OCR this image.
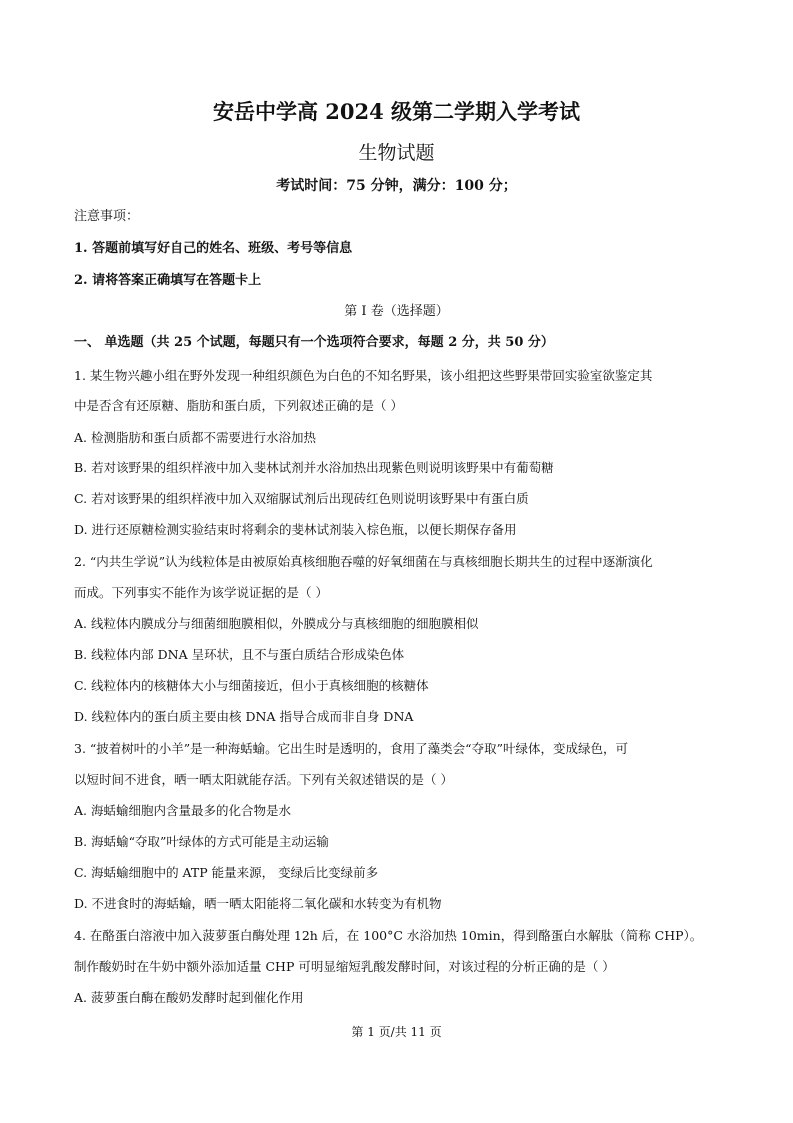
安岳中学高 2024 级第二学期入学考试
生物试题
考试时间：75 分钟，满分：100 分；
注意事项：
1. 答题前填写好自己的姓名、班级、考号等信息
2. 请将答案正确填写在答题卡上
第 I 卷（选择题）
一、 单选题（共 25 个试题，每题只有一个选项符合要求，每题 2 分，共 50 分）
1. 某生物兴趣小组在野外发现一种组织颜色为白色的不知名野果，该小组把这些野果带回实验室欲鉴定其
中是否含有还原糖、脂肪和蛋白质，下列叙述正确的是（ ）
A. 检测脂肪和蛋白质都不需要进行水浴加热
B. 若对该野果的组织样液中加入斐林试剂并水浴加热出现紫色则说明该野果中有葡萄糖
C. 若对该野果的组织样液中加入双缩脲试剂后出现砖红色则说明该野果中有蛋白质
D. 进行还原糖检测实验结束时将剩余的斐林试剂装入棕色瓶，以便长期保存备用
2. “内共生学说”认为线粒体是由被原始真核细胞吞噬的好氧细菌在与真核细胞长期共生的过程中逐渐演化
而成。下列事实不能作为该学说证据的是（ ）
A. 线粒体内膜成分与细菌细胞膜相似，外膜成分与真核细胞的细胞膜相似
B. 线粒体内部 DNA 呈环状，且不与蛋白质结合形成染色体
C. 线粒体内的核糖体大小与细菌接近，但小于真核细胞的核糖体
D. 线粒体内的蛋白质主要由核 DNA 指导合成而非自身 DNA
3. “披着树叶的小羊”是一种海蛞蝓。它出生时是透明的，食用了藻类会“夺取”叶绿体，变成绿色，可
以短时间不进食，晒一晒太阳就能存活。下列有关叙述错误的是（ ）
A. 海蛞蝓细胞内含量最多的化合物是水
B. 海蛞蝓“夺取”叶绿体的方式可能是主动运输
C. 海蛞蝓细胞中的 ATP 能量来源， 变绿后比变绿前多
D. 不进食时的海蛞蝓，晒一晒太阳能将二氧化碳和水转变为有机物
4. 在酪蛋白溶液中加入菠萝蛋白酶处理 12h 后，在 100°C 水浴加热 10min，得到酪蛋白水解肽（简称 CHP）。
制作酸奶时在牛奶中额外添加适量 CHP 可明显缩短乳酸发酵时间，对该过程的分析正确的是（ ）
A. 菠萝蛋白酶在酸奶发酵时起到催化作用
第 1 页/共 11 页
